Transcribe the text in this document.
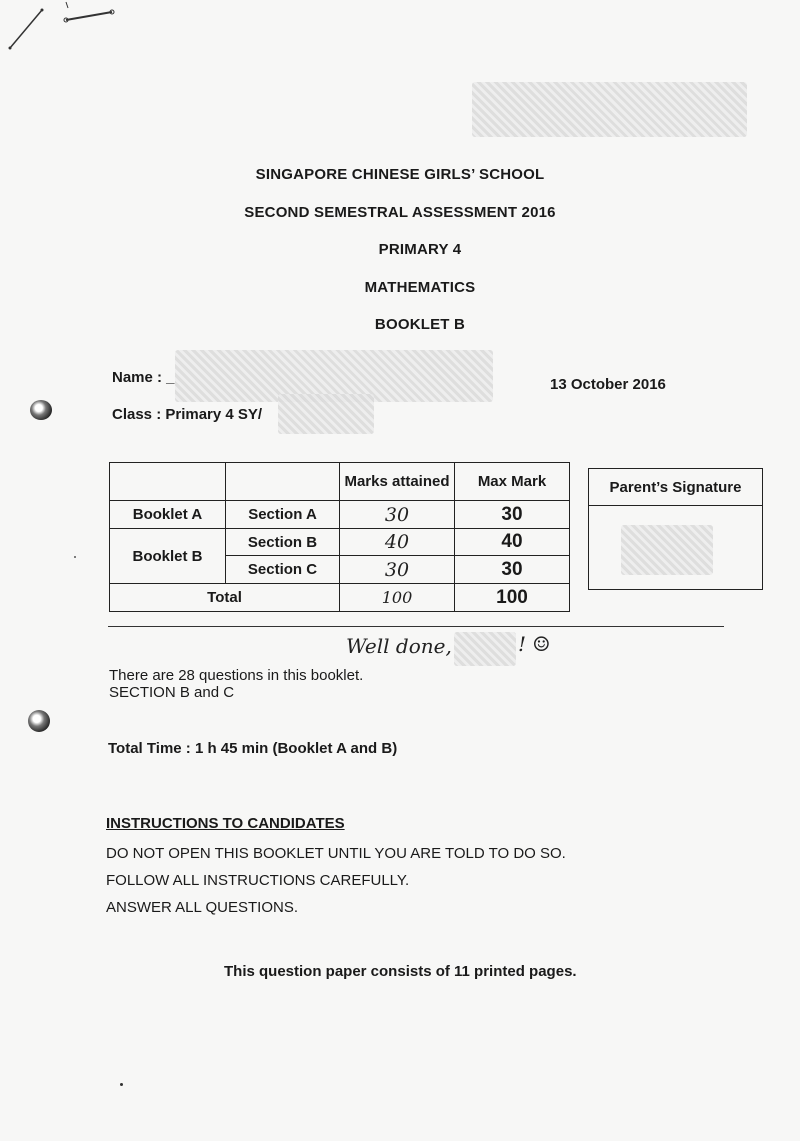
SINGAPORE CHINESE GIRLS’ SCHOOL
SECOND SEMESTRAL ASSESSMENT 2016
PRIMARY 4
MATHEMATICS
BOOKLET B
Name : _	13 October 2016
Class : Primary 4 SY/
		Marks attained	Max Mark
Booklet A	Section A	30	30
Booklet B	Section B	40	40
	Section C	30	30
Total		100	100
Parent’s Signature
Well done,	! ☺
There are 28 questions in this booklet.
SECTION B and C
Total Time : 1 h 45 min (Booklet A and B)
INSTRUCTIONS TO CANDIDATES
DO NOT OPEN THIS BOOKLET UNTIL YOU ARE TOLD TO DO SO.
FOLLOW ALL INSTRUCTIONS CAREFULLY.
ANSWER ALL QUESTIONS.
This question paper consists of 11 printed pages.
